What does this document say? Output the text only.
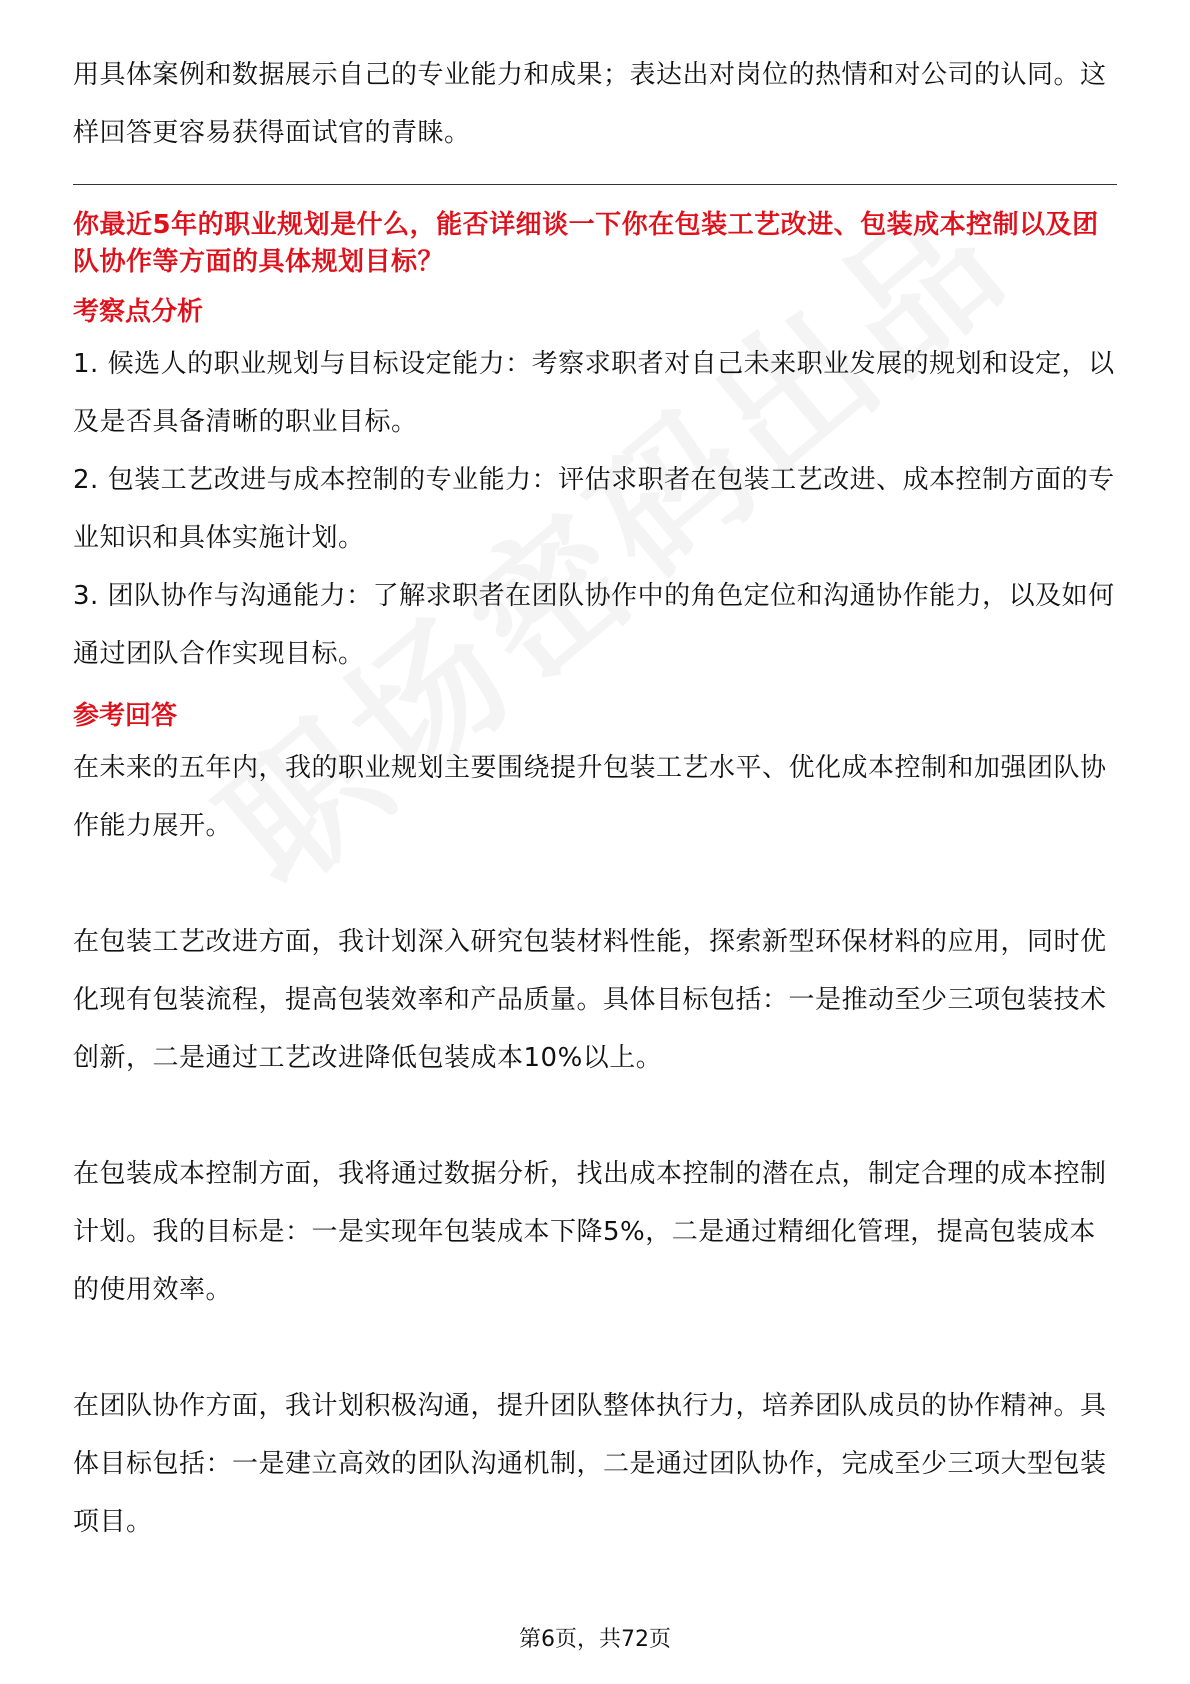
用具体案例和数据展示自己的专业能力和成果；表达出对岗位的热情和对公司的认同。这样回答更容易获得面试官的青睐。

你最近5年的职业规划是什么，能否详细谈一下你在包装工艺改进、包装成本控制以及团队协作等方面的具体规划目标？

考察点分析

1. 候选人的职业规划与目标设定能力：考察求职者对自己未来职业发展的规划和设定，以及是否具备清晰的职业目标。

2. 包装工艺改进与成本控制的专业能力：评估求职者在包装工艺改进、成本控制方面的专业知识和具体实施计划。

3. 团队协作与沟通能力：了解求职者在团队协作中的角色定位和沟通协作能力，以及如何通过团队合作实现目标。

参考回答

在未来的五年内，我的职业规划主要围绕提升包装工艺水平、优化成本控制和加强团队协作能力展开。

在包装工艺改进方面，我计划深入研究包装材料性能，探索新型环保材料的应用，同时优化现有包装流程，提高包装效率和产品质量。具体目标包括：一是推动至少三项包装技术创新，二是通过工艺改进降低包装成本10%以上。

在包装成本控制方面，我将通过数据分析，找出成本控制的潜在点，制定合理的成本控制计划。我的目标是：一是实现年包装成本下降5%，二是通过精细化管理，提高包装成本的使用效率。

在团队协作方面，我计划积极沟通，提升团队整体执行力，培养团队成员的协作精神。具体目标包括：一是建立高效的团队沟通机制，二是通过团队协作，完成至少三项大型包装项目。

第6页，共72页
